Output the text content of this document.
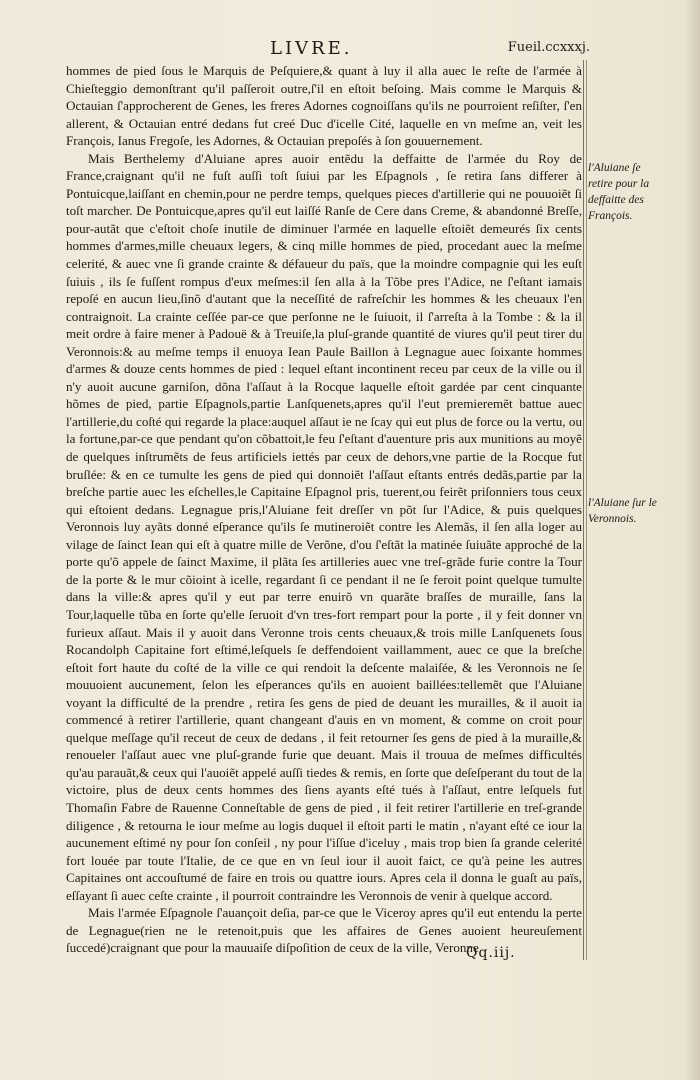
LIVRE.	Fueil.ccxxxj.

hommes de pied ſous le Marquis de Peſquiere,& quant à luy il alla auec le reſte de l'armée à Chieſteggio demonſtrant qu'il paſſeroit outre,ſ'il en eſtoit beſoing. Mais comme le Marquis & Octauian ſ'approcherent de Genes, les freres Adornes cognoiſſans qu'ils ne pourroient reſiſter, ſ'en allerent, & Octauian entré dedans fut creé Duc d'icelle Cité, laquelle en vn meſme an, veit les François, Ianus Fregoſe, les Adornes, & Octauian prepoſés à ſon gouuernement.

Mais Berthelemy d'Aluiane apres auoir entẽdu la deffaitte de l'armée du Roy de France,craignant qu'il ne fuſt auſſi toſt ſuiui par les Eſpagnols , ſe retira ſans differer à Pontuicque,laiſſant en chemin,pour ne perdre temps, quelques pieces d'artillerie qui ne pouuoiẽt ſi toſt marcher. De Pontuicque,apres qu'il eut laiſſé Ranſe de Cere dans Creme, & abandonné Breſſe, pour-autãt que c'eſtoit choſe inutile de diminuer l'armée en laquelle eſtoiẽt demeurés ſix cents hommes d'armes,mille cheuaux legers, & cinq mille hommes de pied, procedant auec la meſme celerité, & auec vne ſi grande crainte & défaueur du païs, que la moindre compagnie qui les euſt ſuiuis , ils ſe fuſſent rompus d'eux meſmes:il ſen alla à la Tõbe pres l'Adice, ne ſ'eſtant iamais repoſé en aucun lieu,ſinõ d'autant que la neceſſité de rafreſchir les hommes & les cheuaux l'en contraignoit. La crainte ceſſée par-ce que perſonne ne le ſuiuoit, il ſ'arreſta à la Tombe : & la il meit ordre à faire mener à Padouë & à Treuiſe,la pluſ-grande quantité de viures qu'il peut tirer du Veronnois:& au meſme temps il enuoya Iean Paule Baillon à Legnague auec ſoixante hommes d'armes & douze cents hommes de pied : lequel eſtant incontinent receu par ceux de la ville ou il n'y auoit aucune garniſon, dõna l'aſſaut à la Rocque laquelle eſtoit gardée par cent cinquante hõmes de pied, partie Eſpagnols,partie Lanſquenets,apres qu'il l'eut premieremẽt battue auec l'artillerie,du coſté qui regarde la place:auquel aſſaut ie ne ſcay qui eut plus de force ou la vertu, ou la fortune,par-ce que pendant qu'on cõbattoit,le feu ſ'eſtant d'auenture pris aux munitions au moyẽ de quelques inſtrumẽts de feus artificiels iettés par ceux de dehors,vne partie de la Rocque fut bruſlée: & en ce tumulte les gens de pied qui donnoiẽt l'aſſaut eſtants entrés dedãs,partie par la breſche partie auec les eſchelles,le Capitaine Eſpagnol pris, tuerent,ou feirẽt priſonniers tous ceux qui eſtoient dedans. Legnague pris,l'Aluiane feit dreſſer vn põt ſur l'Adice, & puis quelques Veronnois luy ayãts donné eſperance qu'ils ſe mutineroiẽt contre les Alemãs, il ſen alla loger au vilage de ſainct Iean qui eſt à quatre mille de Verõne, d'ou ſ'eſtãt la matinée ſuiuãte approché de la porte qu'õ appele de ſainct Maxime, il plãta ſes artilleries auec vne treſ-grãde furie contre la Tour de la porte & le mur cõioint à icelle, regardant ſi ce pendant il ne ſe feroit point quelque tumulte dans la ville:& apres qu'il y eut par terre enuirõ vn quarãte braſſes de muraille, ſans la Tour,laquelle tũba en ſorte qu'elle ſeruoit d'vn tres-fort rempart pour la porte , il y feit donner vn furieux aſſaut. Mais il y auoit dans Veronne trois cents cheuaux,& trois mille Lanſquenets ſous Rocandolph Capitaine fort eſtimé,leſquels ſe deffendoient vaillamment, auec ce que la breſche eſtoit fort haute du coſté de la ville ce qui rendoit la deſcente malaiſée, & les Veronnois ne ſe mouuoient aucunement, ſelon les eſperances qu'ils en auoient baillées:tellemẽt que l'Aluiane voyant la difficulté de la prendre , retira ſes gens de pied de deuant les murailles, & il auoit ia commencé à retirer l'artillerie, quant changeant d'auis en vn moment, & comme on croit pour quelque meſſage qu'il receut de ceux de dedans , il feit retourner ſes gens de pied à la muraille,& renoueler l'aſſaut auec vne pluſ-grande furie que deuant. Mais il trouua de meſmes difficultés qu'au parauãt,& ceux qui l'auoiẽt appelé auſſi tiedes & remis, en ſorte que deſeſperant du tout de la victoire, plus de deux cents hommes des ſiens ayants eſté tués à l'aſſaut, entre leſquels fut Thomaſin Fabre de Rauenne Conneſtable de gens de pied , il feit retirer l'artillerie en treſ-grande diligence , & retourna le iour meſme au logis duquel il eſtoit parti le matin , n'ayant eſté ce iour la aucunement eſtimé ny pour ſon conſeil , ny pour l'iſſue d'iceluy , mais trop bien ſa grande celerité fort louée par toute l'Italie, de ce que en vn ſeul iour il auoit faict, ce qu'à peine les autres Capitaines ont accouſtumé de faire en trois ou quattre iours. Apres cela il donna le guaſt au païs, eſſayant ſi auec ceſte crainte , il pourroit contraindre les Veronnois de venir à quelque accord.

Mais l'armée Eſpagnole ſ'auançoit deſia, par-ce que le Viceroy apres qu'il eut entendu la perte de Legnague(rien ne le retenoit,puis que les affaires de Genes auoient heureuſement ſuccedé)craignant que pour la mauuaiſe diſpoſition de ceux de la ville, Veronne

l'Aluiane ſe retire pour la deffaitte des François.
l'Aluiane ſur le Veronnois.
Qq.iij.
